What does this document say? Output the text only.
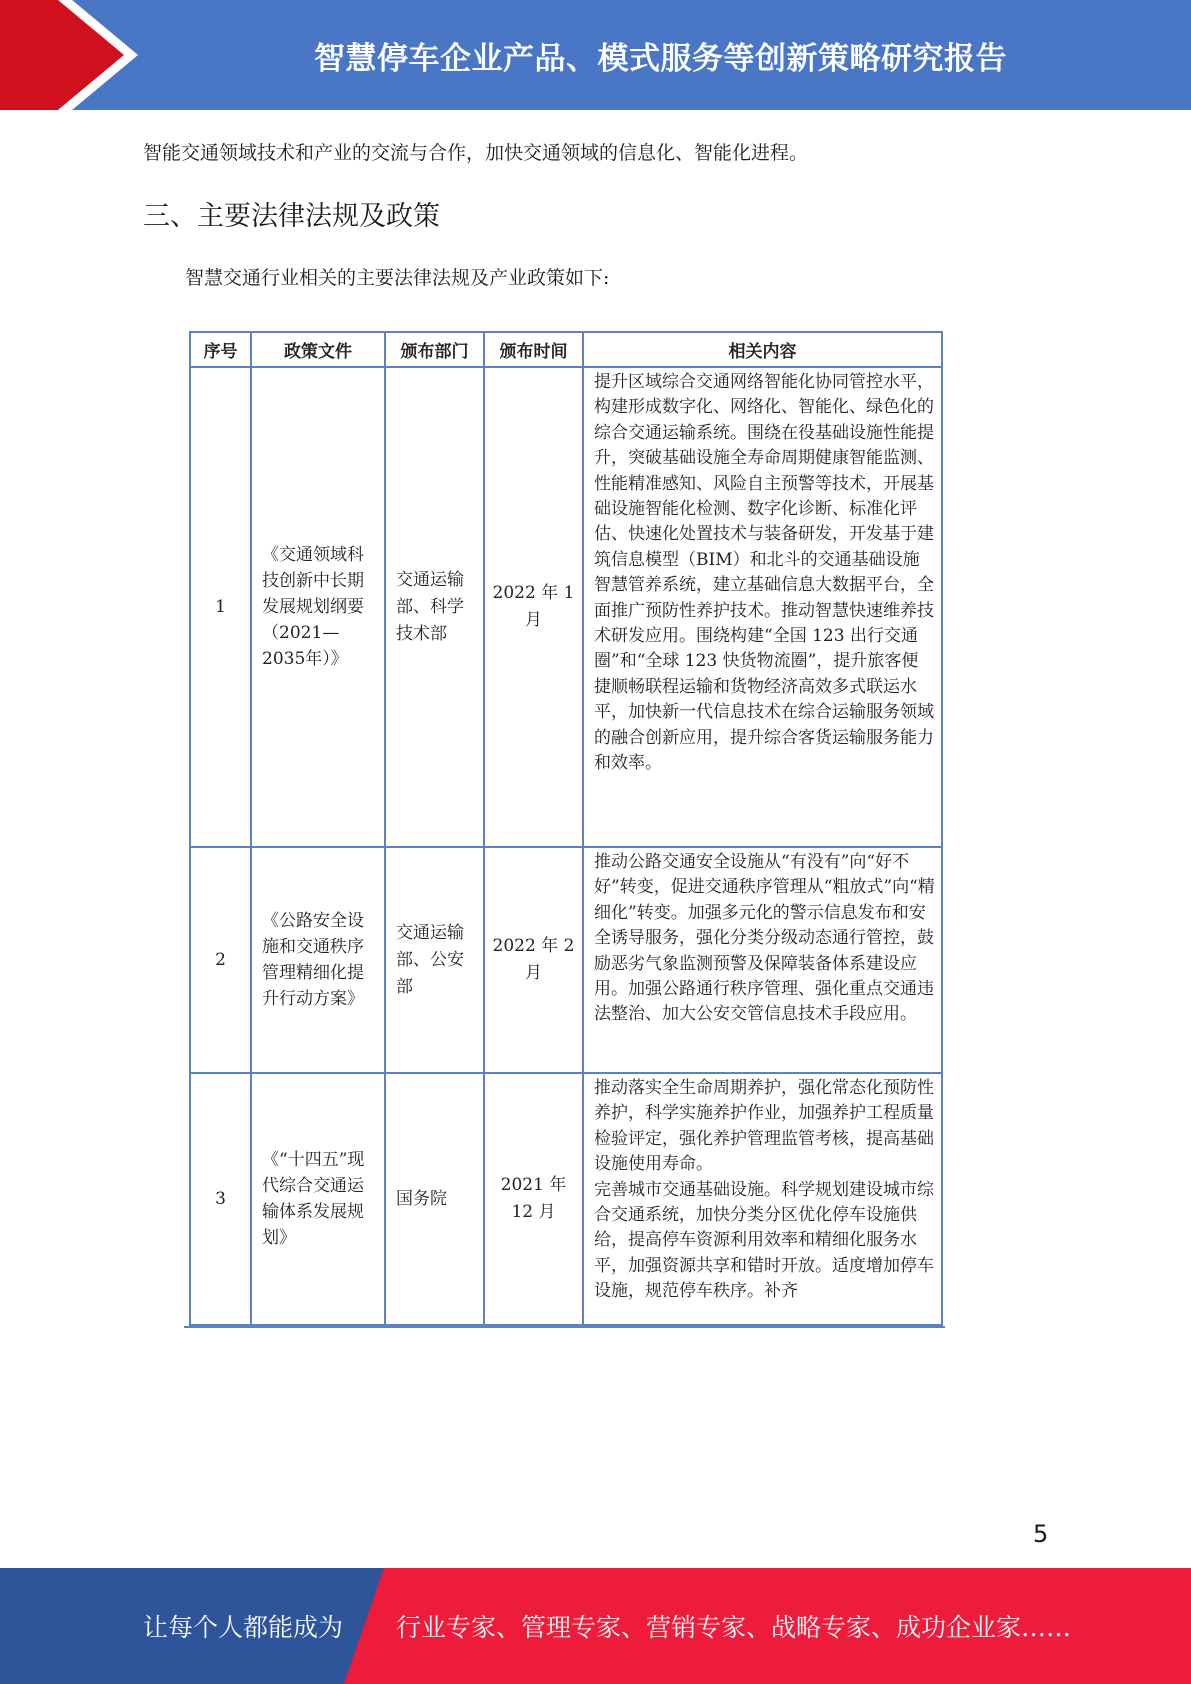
智慧停车企业产品、模式服务等创新策略研究报告
智能交通领域技术和产业的交流与合作，加快交通领域的信息化、智能化进程。
三、主要法律法规及政策
智慧交通行业相关的主要法律法规及产业政策如下:
序号	政策文件	颁布部门	颁布时间	相关内容
1	《交通领域科技创新中长期发展规划纲要（2021—2035年）》	交通运输部、科学技术部	2022 年 1 月	提升区域综合交通网络智能化协同管控水平，构建形成数字化、网络化、智能化、绿色化的综合交通运输系统。围绕在役基础设施性能提升，突破基础设施全寿命周期健康智能监测、性能精准感知、风险自主预警等技术，开展基础设施智能化检测、数字化诊断、标准化评估、快速化处置技术与装备研发，开发基于建筑信息模型（BIM）和北斗的交通基础设施智慧管养系统，建立基础信息大数据平台，全面推广预防性养护技术。推动智慧快速维养技术研发应用。围绕构建“全国 123 出行交通圈”和“全球 123 快货物流圈”，提升旅客便捷顺畅联程运输和货物经济高效多式联运水平，加快新一代信息技术在综合运输服务领域的融合创新应用，提升综合客货运输服务能力和效率。
2	《公路安全设施和交通秩序管理精细化提升行动方案》	交通运输部、公安部	2022 年 2 月	推动公路交通安全设施从“有没有”向“好不好”转变，促进交通秩序管理从“粗放式”向“精细化”转变。加强多元化的警示信息发布和安全诱导服务，强化分类分级动态通行管控，鼓励恶劣气象监测预警及保障装备体系建设应用。加强公路通行秩序管理、强化重点交通违法整治、加大公安交管信息技术手段应用。
3	《“十四五”现代综合交通运输体系发展规划》	国务院	2021 年 12 月	推动落实全生命周期养护，强化常态化预防性养护，科学实施养护作业，加强养护工程质量检验评定，强化养护管理监管考核，提高基础设施使用寿命。
完善城市交通基础设施。科学规划建设城市综合交通系统，加快分类分区优化停车设施供给，提高停车资源利用效率和精细化服务水平，加强资源共享和错时开放。适度增加停车设施，规范停车秩序。补齐
5
让每个人都能成为 行业专家、管理专家、营销专家、战略专家、成功企业家……
